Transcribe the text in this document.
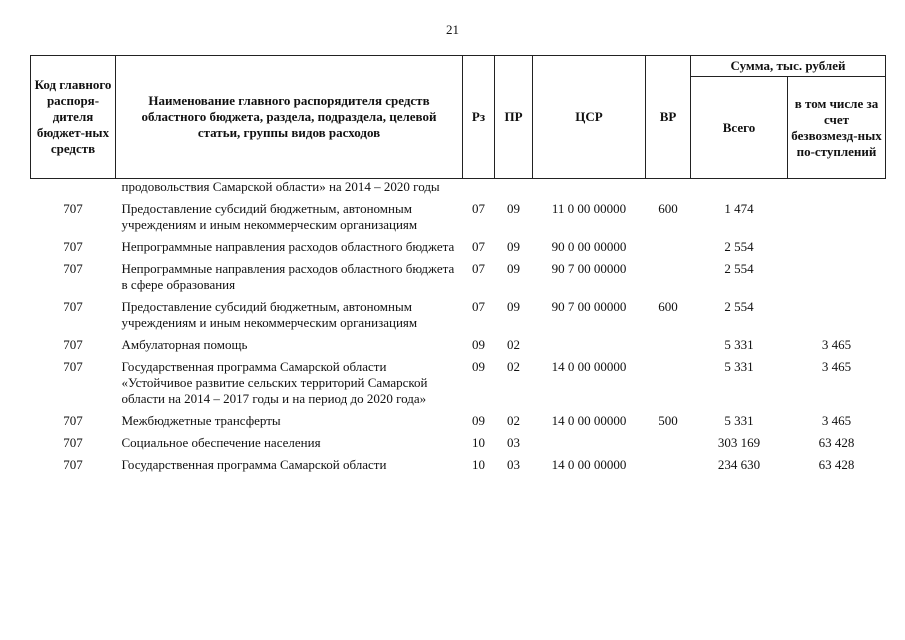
21
Код главного распоря-дителя бюджет-ных средств	Наименование главного распорядителя средств областного бюджета, раздела, подраздела, целевой статьи, группы видов расходов	Рз	ПР	ЦСР	ВР	Сумма, тыс. рублей	
						Всего	в том числе за счет безвозмезд-ных по-ступлений
	продовольствия Самарской области» на 2014 – 2020 годы						
707	Предоставление субсидий бюджетным, автономным учреждениям и иным некоммерческим организациям	07	09	11 0 00 00000	600	1 474	
707	Непрограммные направления расходов областного бюджета	07	09	90 0 00 00000		2 554	
707	Непрограммные направления расходов областного бюджета в сфере образования	07	09	90 7 00 00000		2 554	
707	Предоставление субсидий бюджетным, автономным учреждениям и иным некоммерческим организациям	07	09	90 7 00 00000	600	2 554	
707	Амбулаторная помощь	09	02			5 331	3 465
707	Государственная программа Самарской области «Устойчивое развитие сельских территорий Самарской области на 2014 – 2017 годы и на период до 2020 года»	09	02	14 0 00 00000		5 331	3 465
707	Межбюджетные трансферты	09	02	14 0 00 00000	500	5 331	3 465
707	Социальное обеспечение населения	10	03			303 169	63 428
707	Государственная программа Самарской области	10	03	14 0 00 00000		234 630	63 428
